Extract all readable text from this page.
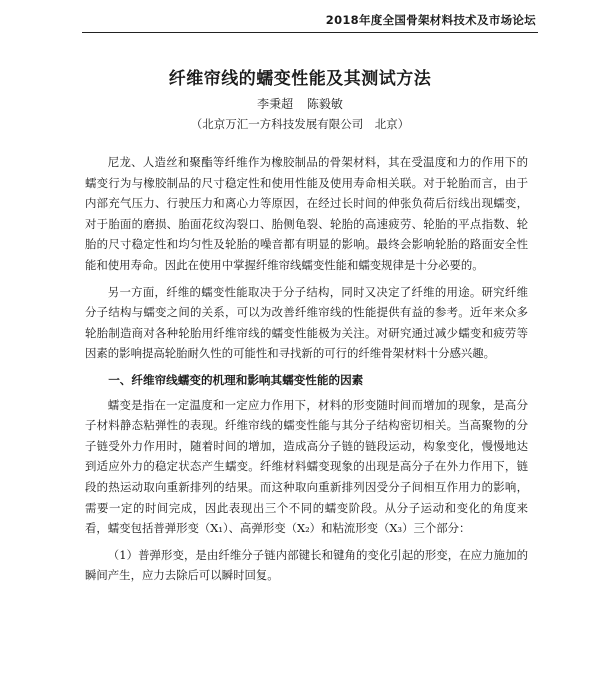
2018年度全国骨架材料技术及市场论坛
纤维帘线的蠕变性能及其测试方法
李秉超 陈毅敏
（北京万汇一方科技发展有限公司　北京）

尼龙、人造丝和聚酯等纤维作为橡胶制品的骨架材料，其在受温度和力的作用下的蠕变行为与橡胶制品的尺寸稳定性和使用性能及使用寿命相关联。对于轮胎而言，由于内部充气压力、行驶压力和离心力等原因，在经过长时间的伸张负荷后衍线出现蠕变，对于胎面的磨损、胎面花纹沟裂口、胎侧龟裂、轮胎的高速疲劳、轮胎的平点指数、轮胎的尺寸稳定性和均匀性及轮胎的噪音都有明显的影响。最终会影响轮胎的路面安全性能和使用寿命。因此在使用中掌握纤维帘线蠕变性能和蠕变规律是十分必要的。

另一方面，纤维的蠕变性能取决于分子结构，同时又决定了纤维的用途。研究纤维分子结构与蠕变之间的关系，可以为改善纤维帘线的性能提供有益的参考。近年来众多轮胎制造商对各种轮胎用纤维帘线的蠕变性能极为关注。对研究通过减少蠕变和疲劳等因素的影响提高轮胎耐久性的可能性和寻找新的可行的纤维骨架材料十分感兴趣。

一、纤维帘线蠕变的机理和影响其蠕变性能的因素

蠕变是指在一定温度和一定应力作用下，材料的形变随时间而增加的现象，是高分子材料静态粘弹性的表现。纤维帘线的蠕变性能与其分子结构密切相关。当高聚物的分子链受外力作用时，随着时间的增加，造成高分子链的链段运动，构象变化，慢慢地达到适应外力的稳定状态产生蠕变。纤维材料蠕变现象的出现是高分子在外力作用下，链段的热运动取向重新排列的结果。而这种取向重新排列因受分子间相互作用力的影响，需要一定的时间完成，因此表现出三个不同的蠕变阶段。从分子运动和变化的角度来看，蠕变包括普弹形变（X₁）、高弹形变（X₂）和粘流形变（X₃）三个部分：

（1）普弹形变，是由纤维分子链内部键长和键角的变化引起的形变，在应力施加的瞬间产生，应力去除后可以瞬时回复。
